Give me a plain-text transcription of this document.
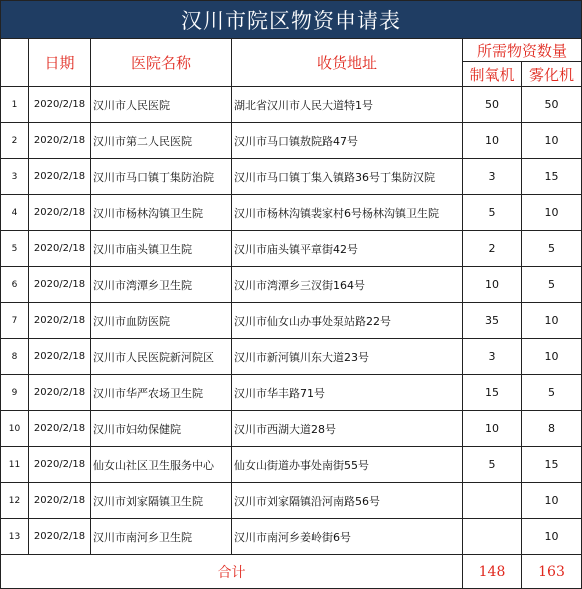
汉川市院区物资申请表					
	日期	医院名称	收货地址	所需物资数量	
				制氧机	雾化机
1	2020/2/18	汉川市人民医院	湖北省汉川市人民大道特1号	50	50
2	2020/2/18	汉川市第二人民医院	汉川市马口镇敖院路47号	10	10
3	2020/2/18	汉川市马口镇丁集防治院	汉川市马口镇丁集入镇路36号丁集防汉院	3	15
4	2020/2/18	汉川市杨林沟镇卫生院	汉川市杨林沟镇裴家村6号杨林沟镇卫生院	5	10
5	2020/2/18	汉川市庙头镇卫生院	汉川市庙头镇平章街42号	2	5
6	2020/2/18	汉川市湾潭乡卫生院	汉川市湾潭乡三汊街164号	10	5
7	2020/2/18	汉川市血防医院	汉川市仙女山办事处泵站路22号	35	10
8	2020/2/18	汉川市人民医院新河院区	汉川市新河镇川东大道23号	3	10
9	2020/2/18	汉川市华严农场卫生院	汉川市华丰路71号	15	5
10	2020/2/18	汉川市妇幼保健院	汉川市西湖大道28号	10	8
11	2020/2/18	仙女山社区卫生服务中心	仙女山街道办事处南街55号	5	15
12	2020/2/18	汉川市刘家隔镇卫生院	汉川市刘家隔镇沿河南路56号		10
13	2020/2/18	汉川市南河乡卫生院	汉川市南河乡姜岭街6号		10
合计				148	163
